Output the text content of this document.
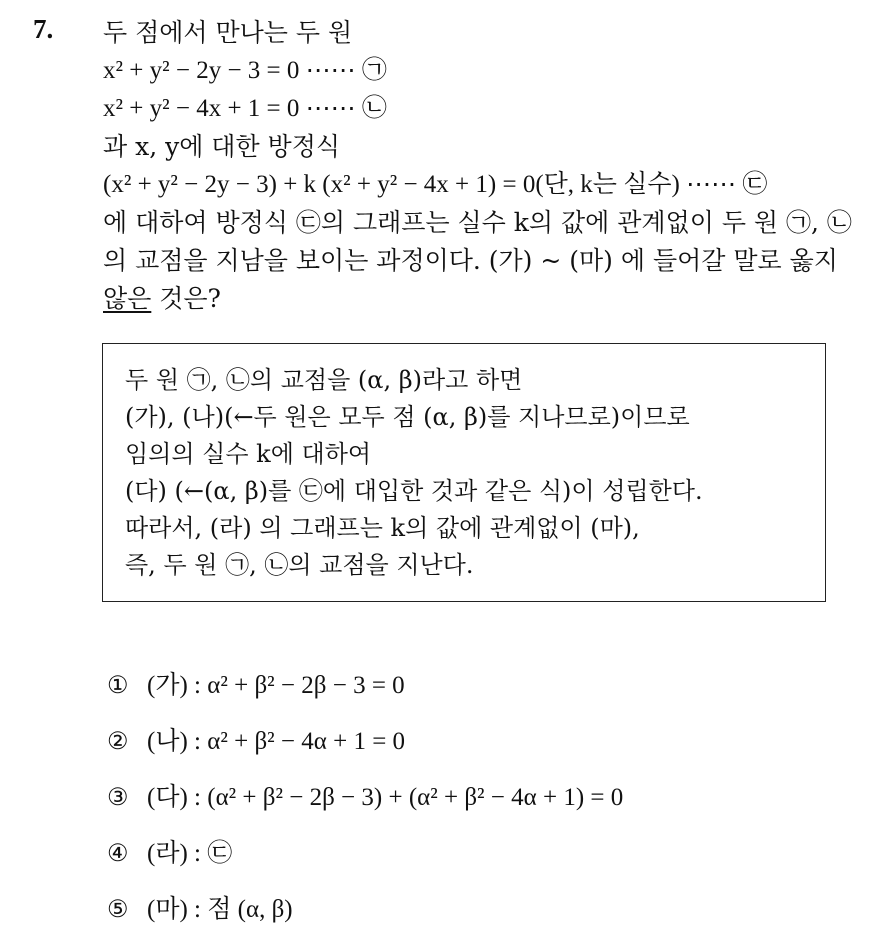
7. 두 점에서 만나는 두 원
x² + y² − 2y − 3 = 0 ⋯⋯ ㉠
x² + y² − 4x + 1 = 0 ⋯⋯ ㉡
과 x, y에 대한 방정식
(x² + y² − 2y − 3) + k (x² + y² − 4x + 1) = 0(단, k는 실수) ⋯⋯ ㉢
에 대하여 방정식 ㉢의 그래프는 실수 k의 값에 관계없이 두 원 ㉠, ㉡
의 교점을 지남을 보이는 과정이다. (가) ~ (마) 에 들어갈 말로 옳지
않은 것은?
두 원 ㉠, ㉡의 교점을 (α, β)라고 하면
(가), (나)(←두 원은 모두 점 (α, β)를 지나므로)이므로
임의의 실수 k에 대하여
(다) (←(α, β)를 ㉢에 대입한 것과 같은 식)이 성립한다.
따라서, (라) 의 그래프는 k의 값에 관계없이 (마),
즉, 두 원 ㉠, ㉡의 교점을 지난다.
① (가) : α² + β² − 2β − 3 = 0
② (나) : α² + β² − 4α + 1 = 0
③ (다) : (α² + β² − 2β − 3) + (α² + β² − 4α + 1) = 0
④ (라) : ㉢
⑤ (마) : 점 (α, β)
